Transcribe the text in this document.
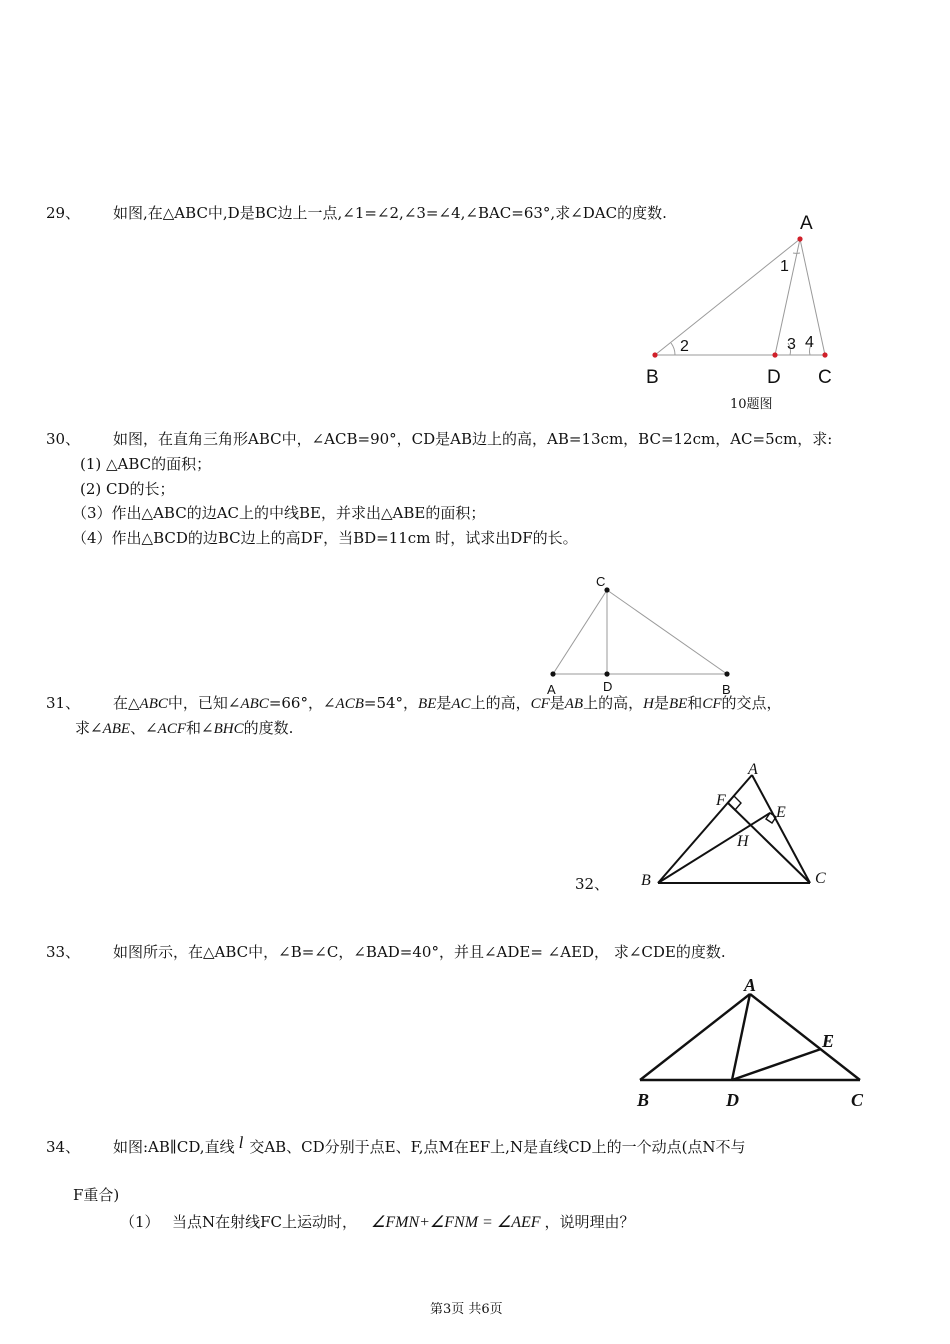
29、 如图,在△ABC中,D是BC边上一点,∠1=∠2,∠3=∠4,∠BAC=63°,求∠DAC的度数.	A
B	D C
1
2	3 4
10题图
30、 如图，在直角三角形ABC中，∠ACB=90°，CD是AB边上的高，AB=13cm，BC=12cm，AC=5cm，求:
(1) △ABC的面积；
(2) CD的长；
（3）作出△ABC的边AC上的中线BE，并求出△ABE的面积；
（4）作出△BCD的边BC边上的高DF，当BD=11cm 时，试求出DF的长。
C
A	D	B
31、 在△ABC中，已知∠ABC=66°，∠ACB=54°，BE是AC上的高，CF是AB上的高，H是BE和CF的交点，
求∠ABE、∠ACF和∠BHC的度数.
32、
A
F
E
H
B	C
33、 如图所示，在△ABC中，∠B=∠C，∠BAD=40°，并且∠ADE= ∠AED， 求∠CDE的度数.
A
E
B	D	C
34、 如图:AB∥CD,直线 l 交AB、CD分别于点E、F,点M在EF上,N是直线CD上的一个动点(点N不与
F重合)
（1） 当点N在射线FC上运动时， ∠FMN+∠FNM = ∠AEF ，说明理由？
第3页 共6页
